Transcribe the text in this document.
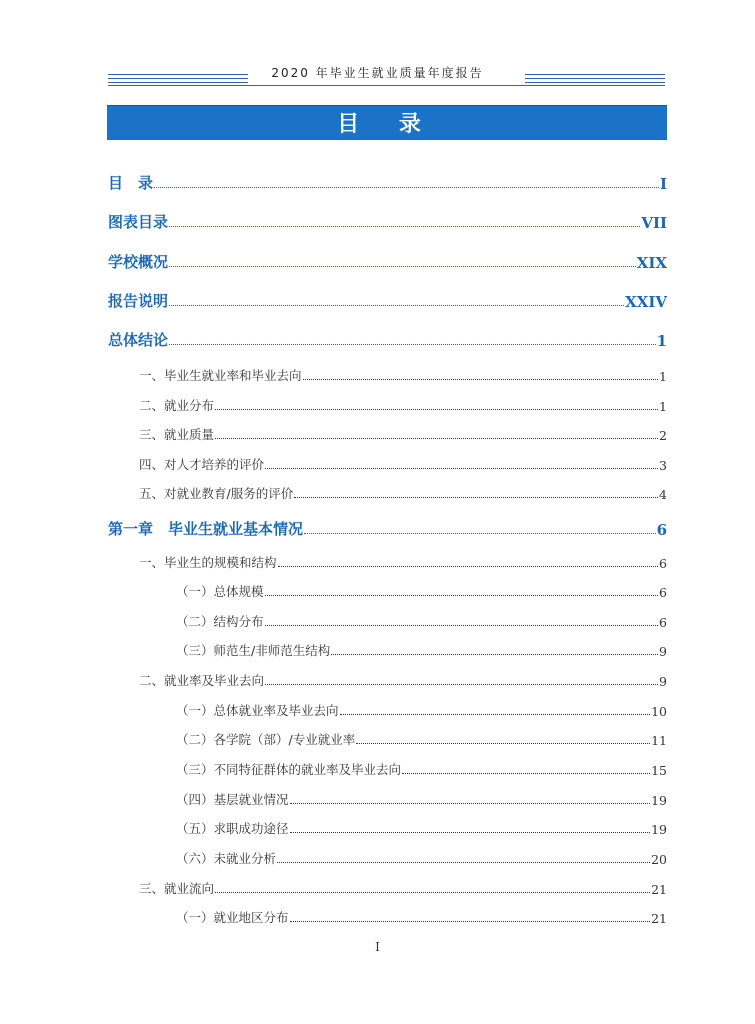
2020 年毕业生就业质量年度报告
目 录
目　录	I
图表目录	VII
学校概况	XIX
报告说明	XXIV
总体结论	1
一、毕业生就业率和毕业去向	1
二、就业分布	1
三、就业质量	2
四、对人才培养的评价	3
五、对就业教育/服务的评价	4
第一章　毕业生就业基本情况	6
一、毕业生的规模和结构	6
（一）总体规模	6
（二）结构分布	6
（三）师范生/非师范生结构	9
二、就业率及毕业去向	9
（一）总体就业率及毕业去向	10
（二）各学院（部）/专业就业率	11
（三）不同特征群体的就业率及毕业去向	15
（四）基层就业情况	19
（五）求职成功途径	19
（六）未就业分析	20
三、就业流向	21
（一）就业地区分布	21
I
